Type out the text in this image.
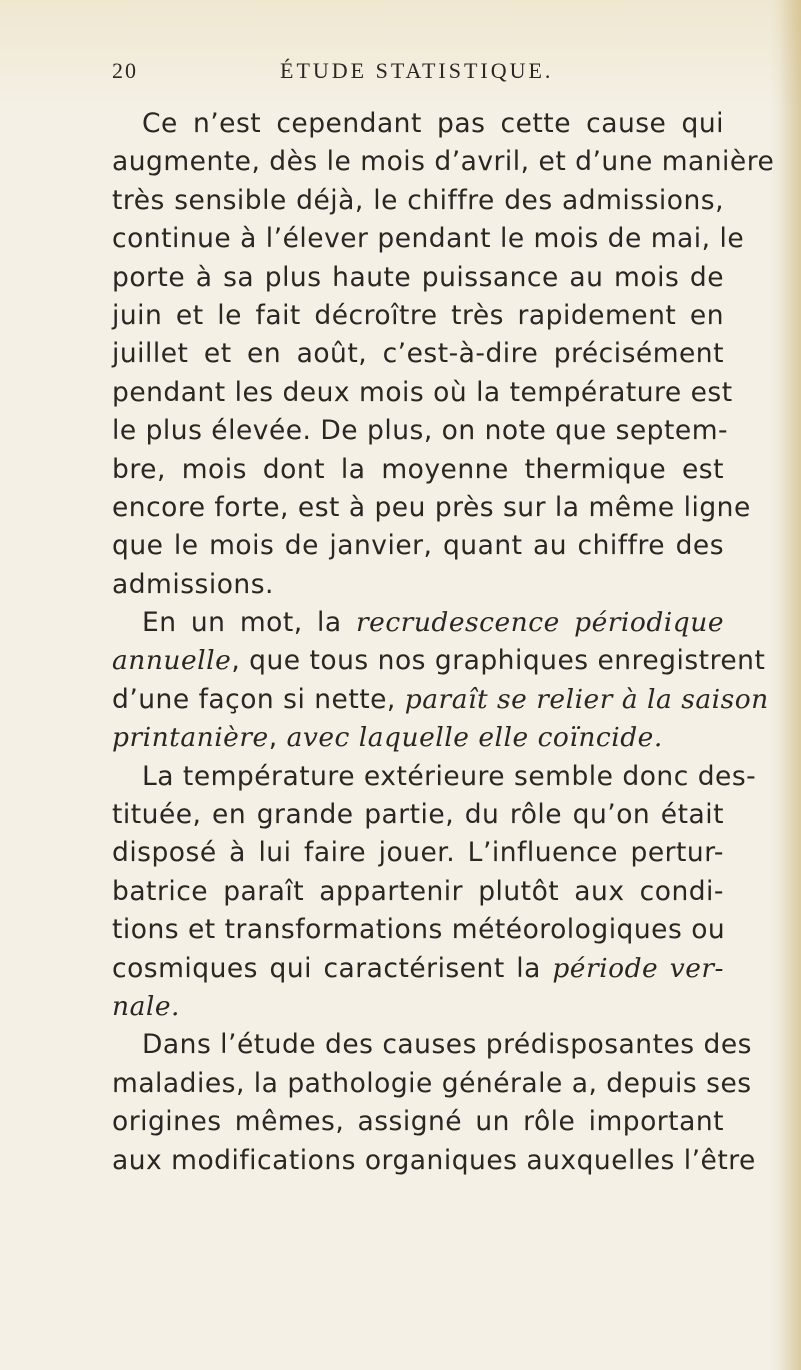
20	ÉTUDE STATISTIQUE.
Ce n’est cependant pas cette cause qui
augmente, dès le mois d’avril, et d’une manière
très sensible déjà, le chiffre des admissions,
continue à l’élever pendant le mois de mai, le
porte à sa plus haute puissance au mois de
juin et le fait décroître très rapidement en
juillet et en août, c’est-à-dire précisément
pendant les deux mois où la température est
le plus élevée. De plus, on note que septem-
bre, mois dont la moyenne thermique est
encore forte, est à peu près sur la même ligne
que le mois de janvier, quant au chiffre des
admissions.
En un mot, la recrudescence périodique
annuelle, que tous nos graphiques enregistrent
d’une façon si nette, paraît se relier à la saison
printanière, avec laquelle elle coïncide.
La température extérieure semble donc des-
tituée, en grande partie, du rôle qu’on était
disposé à lui faire jouer. L’influence pertur-
batrice paraît appartenir plutôt aux condi-
tions et transformations météorologiques ou
cosmiques qui caractérisent la période ver-
nale.
Dans l’étude des causes prédisposantes des
maladies, la pathologie générale a, depuis ses
origines mêmes, assigné un rôle important
aux modifications organiques auxquelles l’être
